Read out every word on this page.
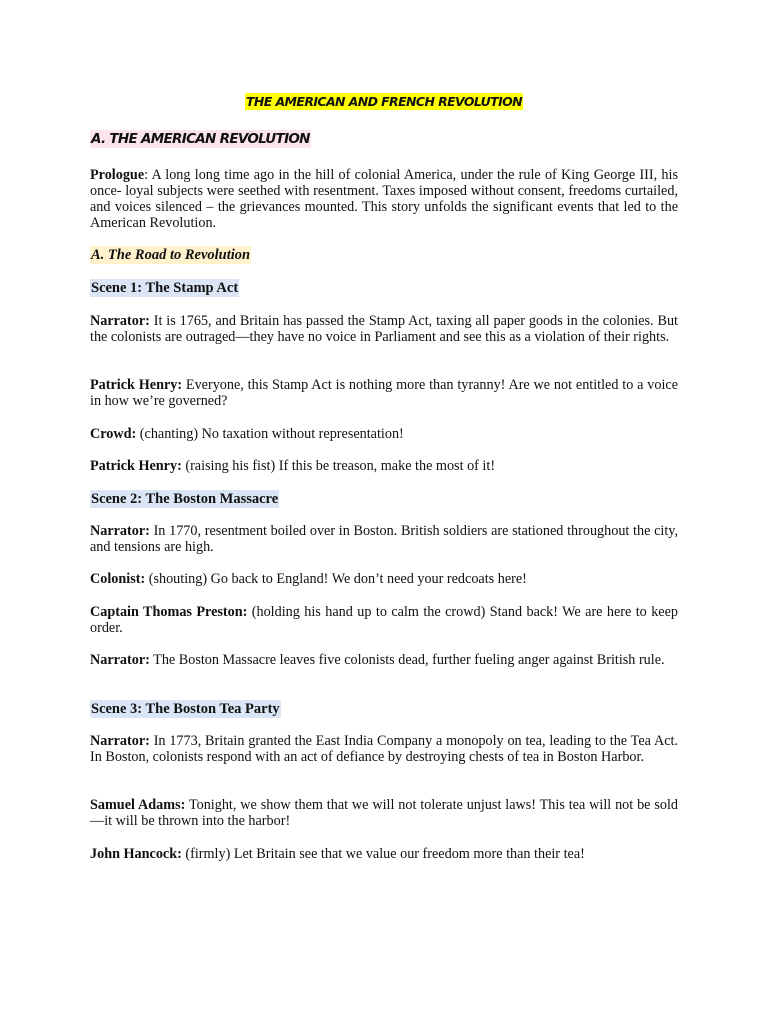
THE AMERICAN AND FRENCH REVOLUTION
A. THE AMERICAN REVOLUTION

Prologue: A long long time ago in the hill of colonial America, under the rule of King George III, his once- loyal subjects were seethed with resentment. Taxes imposed without consent, freedoms curtailed, and voices silenced – the grievances mounted. This story unfolds the significant events that led to the American Revolution.

A. The Road to Revolution
Scene 1: The Stamp Act

Narrator: It is 1765, and Britain has passed the Stamp Act, taxing all paper goods in the colonies. But the colonists are outraged—they have no voice in Parliament and see this as a violation of their rights.

Patrick Henry: Everyone, this Stamp Act is nothing more than tyranny! Are we not entitled to a voice in how we’re governed?

Crowd: (chanting) No taxation without representation!

Patrick Henry: (raising his fist) If this be treason, make the most of it!

Scene 2: The Boston Massacre

Narrator: In 1770, resentment boiled over in Boston. British soldiers are stationed throughout the city, and tensions are high.

Colonist: (shouting) Go back to England! We don’t need your redcoats here!

Captain Thomas Preston: (holding his hand up to calm the crowd) Stand back! We are here to keep order.

Narrator: The Boston Massacre leaves five colonists dead, further fueling anger against British rule.

Scene 3: The Boston Tea Party

Narrator: In 1773, Britain granted the East India Company a monopoly on tea, leading to the Tea Act. In Boston, colonists respond with an act of defiance by destroying chests of tea in Boston Harbor.

Samuel Adams: Tonight, we show them that we will not tolerate unjust laws! This tea will not be sold—it will be thrown into the harbor!

John Hancock: (firmly) Let Britain see that we value our freedom more than their tea!
